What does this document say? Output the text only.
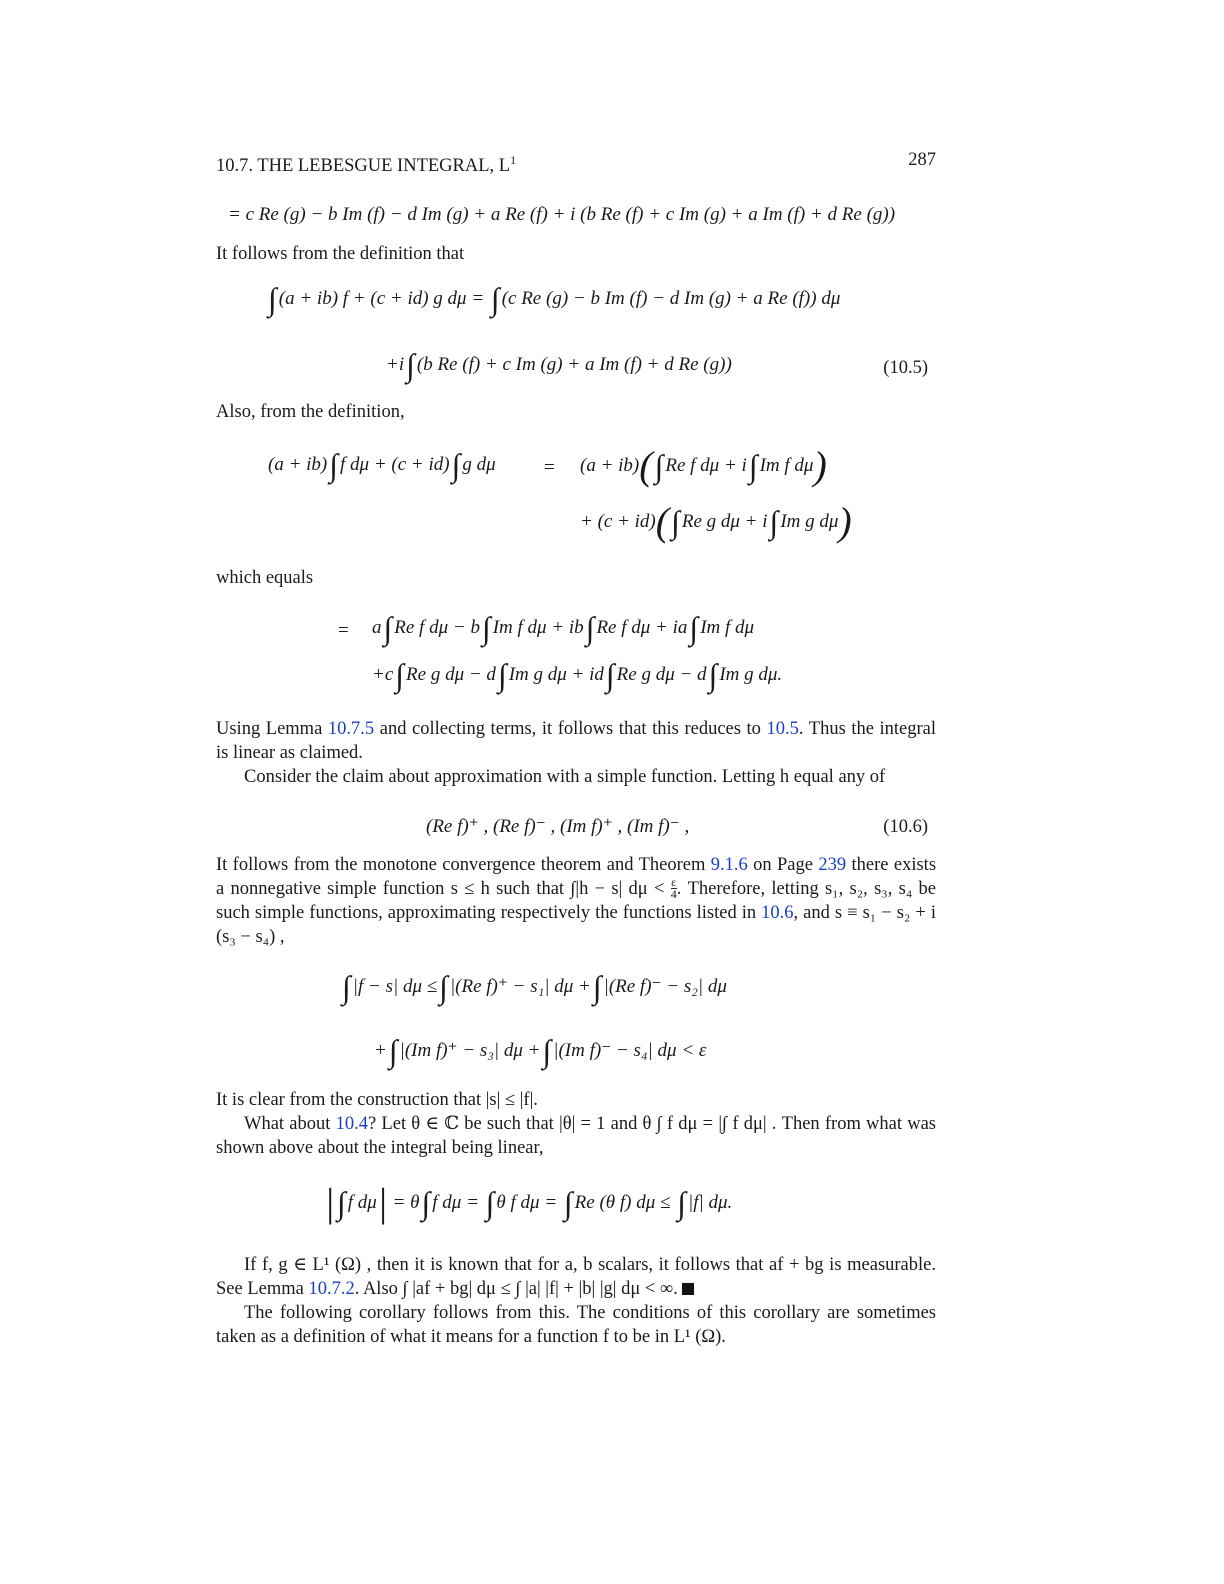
10.7. THE LEBESGUE INTEGRAL, $L^1$	287
= c Re (g) − b Im (f) − d Im (g) + a Re (f) + i (b Re (f) + c Im (g) + a Im (f) + d Re (g))
It follows from the definition that
∫ (a + ib) f + (c + id) g dμ = ∫ (c Re (g) − b Im (f) − d Im (g) + a Re (f)) dμ
+i∫ (b Re (f) + c Im (g) + a Im (f) + d Re (g))	(10.5)
Also, from the definition,
(a + ib)∫ f dμ + (c + id)∫ g dμ	= (a + ib)(∫ Re f dμ + i∫ Im f dμ)
+ (c + id)(∫ Re g dμ + i∫ Im g dμ)
which equals
= a∫ Re f dμ − b∫ Im f dμ + ib∫ Re f dμ + ia∫ Im f dμ
+c∫ Re g dμ − d∫ Im g dμ + id∫ Re g dμ − d∫ Im g dμ.
Using Lemma 10.7.5 and collecting terms, it follows that this reduces to 10.5. Thus the integral is linear as claimed.
Consider the claim about approximation with a simple function. Letting h equal any of
(Re f)⁺ , (Re f)⁻ , (Im f)⁺ , (Im f)⁻ ,	(10.6)
It follows from the monotone convergence theorem and Theorem 9.1.6 on Page 239 there exists a nonnegative simple function s ≤ h such that ∫|h − s| $d\mu < \frac{\varepsilon}{4}$ . Therefore, letting s₁, s₂, s₃, s₄ be such simple functions, approximating respectively the functions listed in 10.6, and s ≡ s₁ − s₂ + i (s₃ − s₄) ,
∫ |f − s| dμ ≤∫ |(Re f)⁺ − s₁| dμ +∫ |(Re f)⁻ − s₂| dμ
+∫ |(Im f)⁺ − s₃| dμ +∫ |(Im f)⁻ − s₄| dμ < ε
It is clear from the construction that |s| ≤ |f|.
What about 10.4? Let θ ∈ ℂ be such that |θ| = 1 and θ ∫ f dμ = |∫ f dμ| . Then from what was shown above about the integral being linear,
|∫ f dμ| = θ∫ f dμ = ∫ θ f dμ = ∫ Re (θ f) dμ ≤ ∫ |f| dμ.
If f, g ∈ L¹ (Ω) , then it is known that for a, b scalars, it follows that af + bg is measurable. See Lemma 10.7.2. Also ∫ |af + bg| dμ ≤ ∫ |a| |f| + |b| |g| dμ < ∞.
The following corollary follows from this. The conditions of this corollary are sometimes taken as a definition of what it means for a function f to be in L¹ (Ω).
